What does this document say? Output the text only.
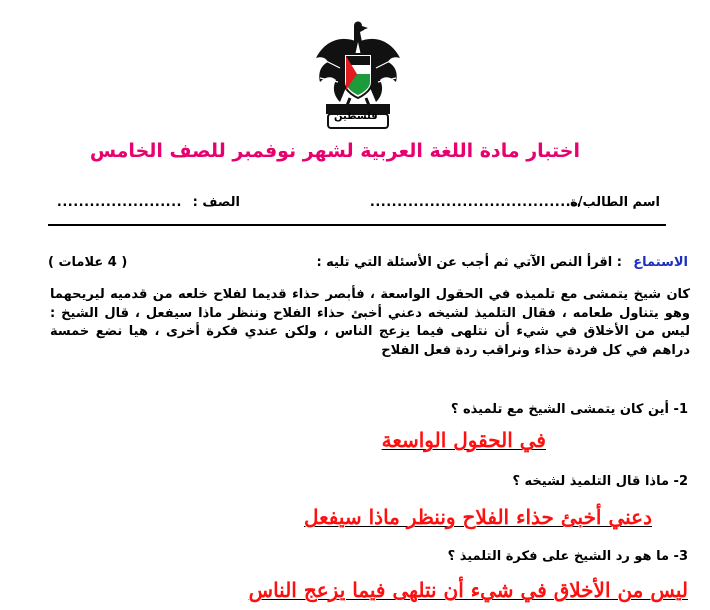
فلسطين
اختبار مادة اللغة العربية لشهر نوفمبر للصف الخامس
اسم الطالب/ة
.......................................
الصف :
.......................
الاستماع
: اقرأ النص الآتي ثم أجب عن الأسئلة التي تليه :
( 4 علامات )
كان شيخ يتمشى مع تلميذه في الحقول الواسعة ، فأبصر حذاء قديما لفلاح خلعه من قدميه ليريحهما وهو يتناول طعامه ، فقال التلميذ لشيخه دعني أخبئ حذاء الفلاح وننظر ماذا سيفعل ، قال الشيخ : ليس من الأخلاق في شيء أن نتلهى فيما يزعج الناس ، ولكن عندي فكرة أخرى ، هيا نضع خمسة دراهم في كل فردة حذاء ونراقب ردة فعل الفلاح
1- أين كان يتمشى الشيخ مع تلميذه ؟
في الحقول الواسعة
2- ماذا قال التلميذ لشيخه ؟
دعني أخبئ حذاء الفلاح وننظر ماذا سيفعل
3- ما هو رد الشيخ على فكرة التلميذ ؟
ليس من الأخلاق في شيء أن نتلهى فيما يزعج الناس
